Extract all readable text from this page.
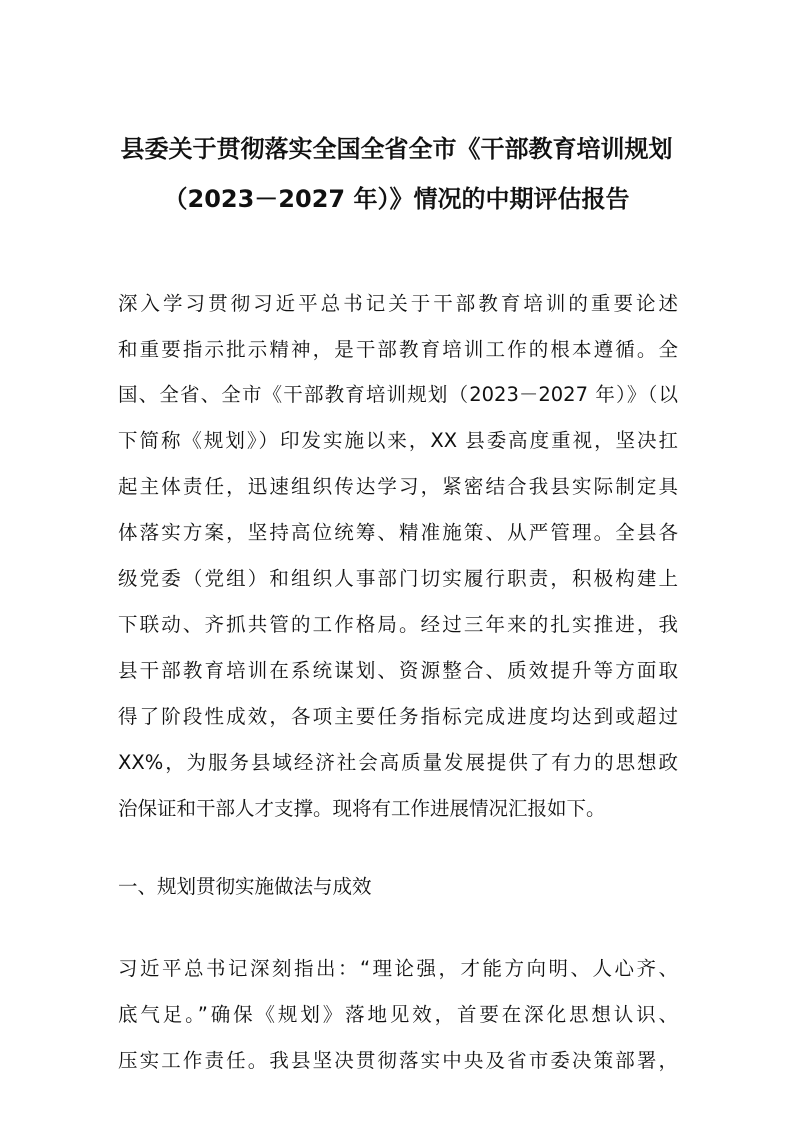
县委关于贯彻落实全国全省全市《干部教育培训规划
（2023－2027 年）》情况的中期评估报告
深入学习贯彻习近平总书记关于干部教育培训的重要论述
和重要指示批示精神，是干部教育培训工作的根本遵循。全
国、全省、全市《干部教育培训规划（2023－2027 年）》（以
下简称《规划》）印发实施以来，XX 县委高度重视，坚决扛
起主体责任，迅速组织传达学习，紧密结合我县实际制定具
体落实方案，坚持高位统筹、精准施策、从严管理。全县各
级党委（党组）和组织人事部门切实履行职责，积极构建上
下联动、齐抓共管的工作格局。经过三年来的扎实推进，我
县干部教育培训在系统谋划、资源整合、质效提升等方面取
得了阶段性成效，各项主要任务指标完成进度均达到或超过
XX%，为服务县域经济社会高质量发展提供了有力的思想政
治保证和干部人才支撑。现将有工作进展情况汇报如下。
一、规划贯彻实施做法与成效
习近平总书记深刻指出：“理论强，才能方向明、人心齐、
底气足。”确保《规划》落地见效，首要在深化思想认识、
压实工作责任。我县坚决贯彻落实中央及省市委决策部署，
